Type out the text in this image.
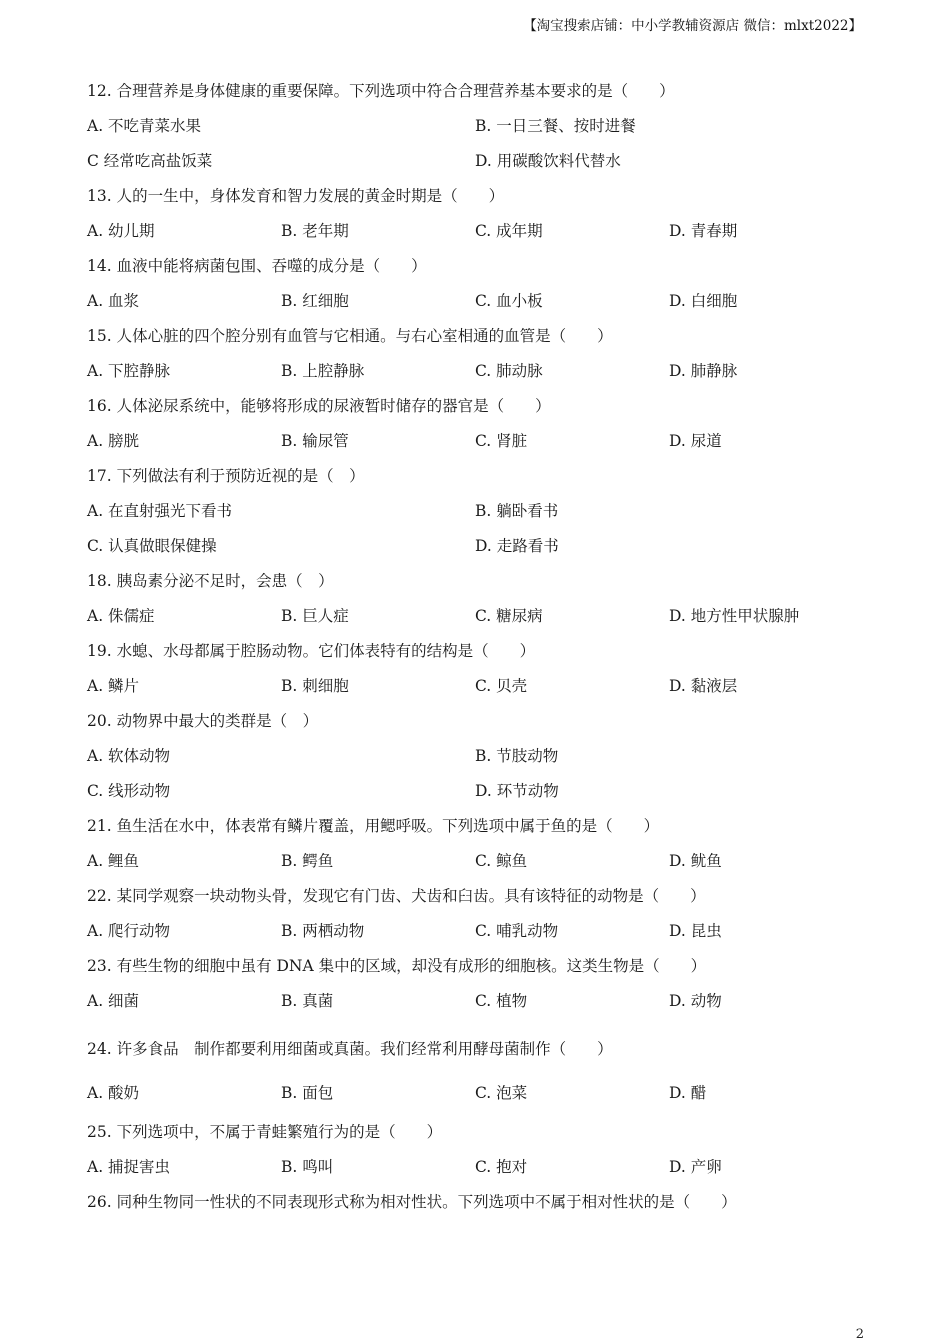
【淘宝搜索店铺：中小学教辅资源店 微信：mlxt2022】
12. 合理营养是身体健康的重要保障。下列选项中符合合理营养基本要求的是（　　）
A. 不吃青菜水果	B. 一日三餐、按时进餐
C 经常吃高盐饭菜	D. 用碳酸饮料代替水
13. 人的一生中，身体发育和智力发展的黄金时期是（　　）
A. 幼儿期	B. 老年期	C. 成年期	D. 青春期
14. 血液中能将病菌包围、吞噬的成分是（　　）
A. 血浆	B. 红细胞	C. 血小板	D. 白细胞
15. 人体心脏的四个腔分别有血管与它相通。与右心室相通的血管是（　　）
A. 下腔静脉	B. 上腔静脉	C. 肺动脉	D. 肺静脉
16. 人体泌尿系统中，能够将形成的尿液暂时储存的器官是（　　）
A. 膀胱	B. 输尿管	C. 肾脏	D. 尿道
17. 下列做法有利于预防近视的是（　）
A. 在直射强光下看书	B. 躺卧看书
C. 认真做眼保健操	D. 走路看书
18. 胰岛素分泌不足时，会患（　）
A. 侏儒症	B. 巨人症	C. 糖尿病	D. 地方性甲状腺肿
19. 水螅、水母都属于腔肠动物。它们体表特有的结构是（　　）
A. 鳞片	B. 刺细胞	C. 贝壳	D. 黏液层
20. 动物界中最大的类群是（　）
A. 软体动物	B. 节肢动物
C. 线形动物	D. 环节动物
21. 鱼生活在水中，体表常有鳞片覆盖，用鳃呼吸。下列选项中属于鱼的是（　　）
A. 鲤鱼	B. 鳄鱼	C. 鲸鱼	D. 鱿鱼
22. 某同学观察一块动物头骨，发现它有门齿、犬齿和臼齿。具有该特征的动物是（　　）
A. 爬行动物	B. 两栖动物	C. 哺乳动物	D. 昆虫
23. 有些生物的细胞中虽有 DNA 集中的区域，却没有成形的细胞核。这类生物是（　　）
A. 细菌	B. 真菌	C. 植物	D. 动物
24. 许多食品　制作都要利用细菌或真菌。我们经常利用酵母菌制作（　　）
A. 酸奶	B. 面包	C. 泡菜	D. 醋
25. 下列选项中，不属于青蛙繁殖行为的是（　　）
A. 捕捉害虫	B. 鸣叫	C. 抱对	D. 产卵
26. 同种生物同一性状的不同表现形式称为相对性状。下列选项中不属于相对性状的是（　　）
2
